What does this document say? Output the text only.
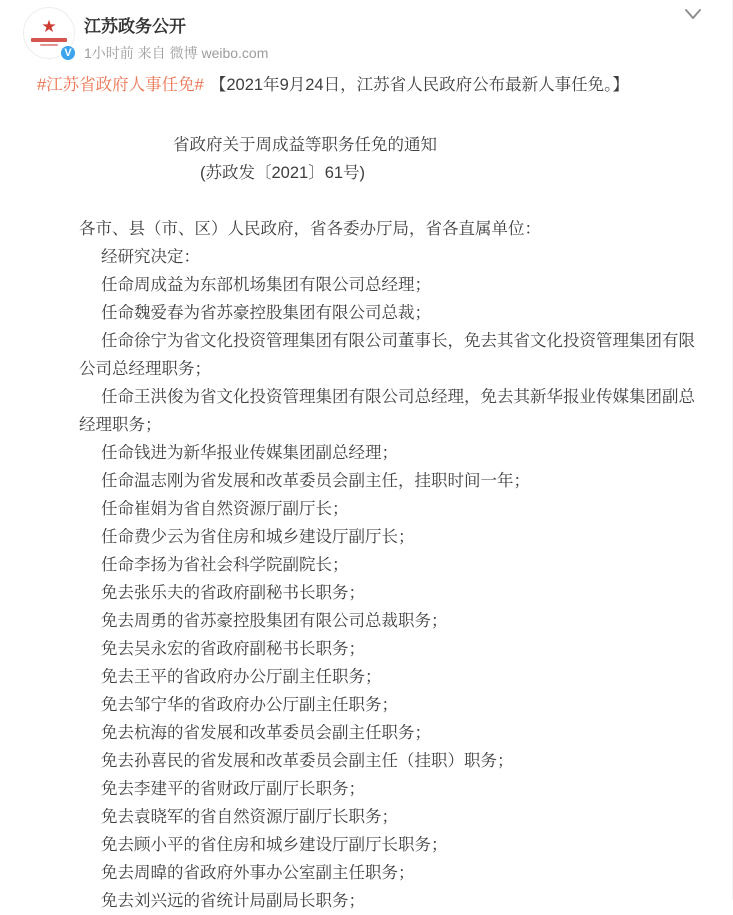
★
V
江苏政务公开
1小时前 来自 微博 weibo.com

#江苏省政府人事任免# 【2021年9月24日，江苏省人民政府公布最新人事任免。】

省政府关于周成益等职务任免的通知

(苏政发〔2021〕61号)

各市、县（市、区）人民政府，省各委办厅局，省各直属单位：

经研究决定：

任命周成益为东部机场集团有限公司总经理；

任命魏爱春为省苏豪控股集团有限公司总裁；

任命徐宁为省文化投资管理集团有限公司董事长，免去其省文化投资管理集团有限公司总经理职务；

任命王洪俊为省文化投资管理集团有限公司总经理，免去其新华报业传媒集团副总经理职务；

任命钱进为新华报业传媒集团副总经理；

任命温志刚为省发展和改革委员会副主任，挂职时间一年；

任命崔娟为省自然资源厅副厅长；

任命费少云为省住房和城乡建设厅副厅长；

任命李扬为省社会科学院副院长；

免去张乐夫的省政府副秘书长职务；

免去周勇的省苏豪控股集团有限公司总裁职务；

免去吴永宏的省政府副秘书长职务；

免去王平的省政府办公厅副主任职务；

免去邹宁华的省政府办公厅副主任职务；

免去杭海的省发展和改革委员会副主任职务；

免去孙喜民的省发展和改革委员会副主任（挂职）职务；

免去李建平的省财政厅副厅长职务；

免去袁晓军的省自然资源厅副厅长职务；

免去顾小平的省住房和城乡建设厅副厅长职务；

免去周暐的省政府外事办公室副主任职务；

免去刘兴远的省统计局副局长职务；
